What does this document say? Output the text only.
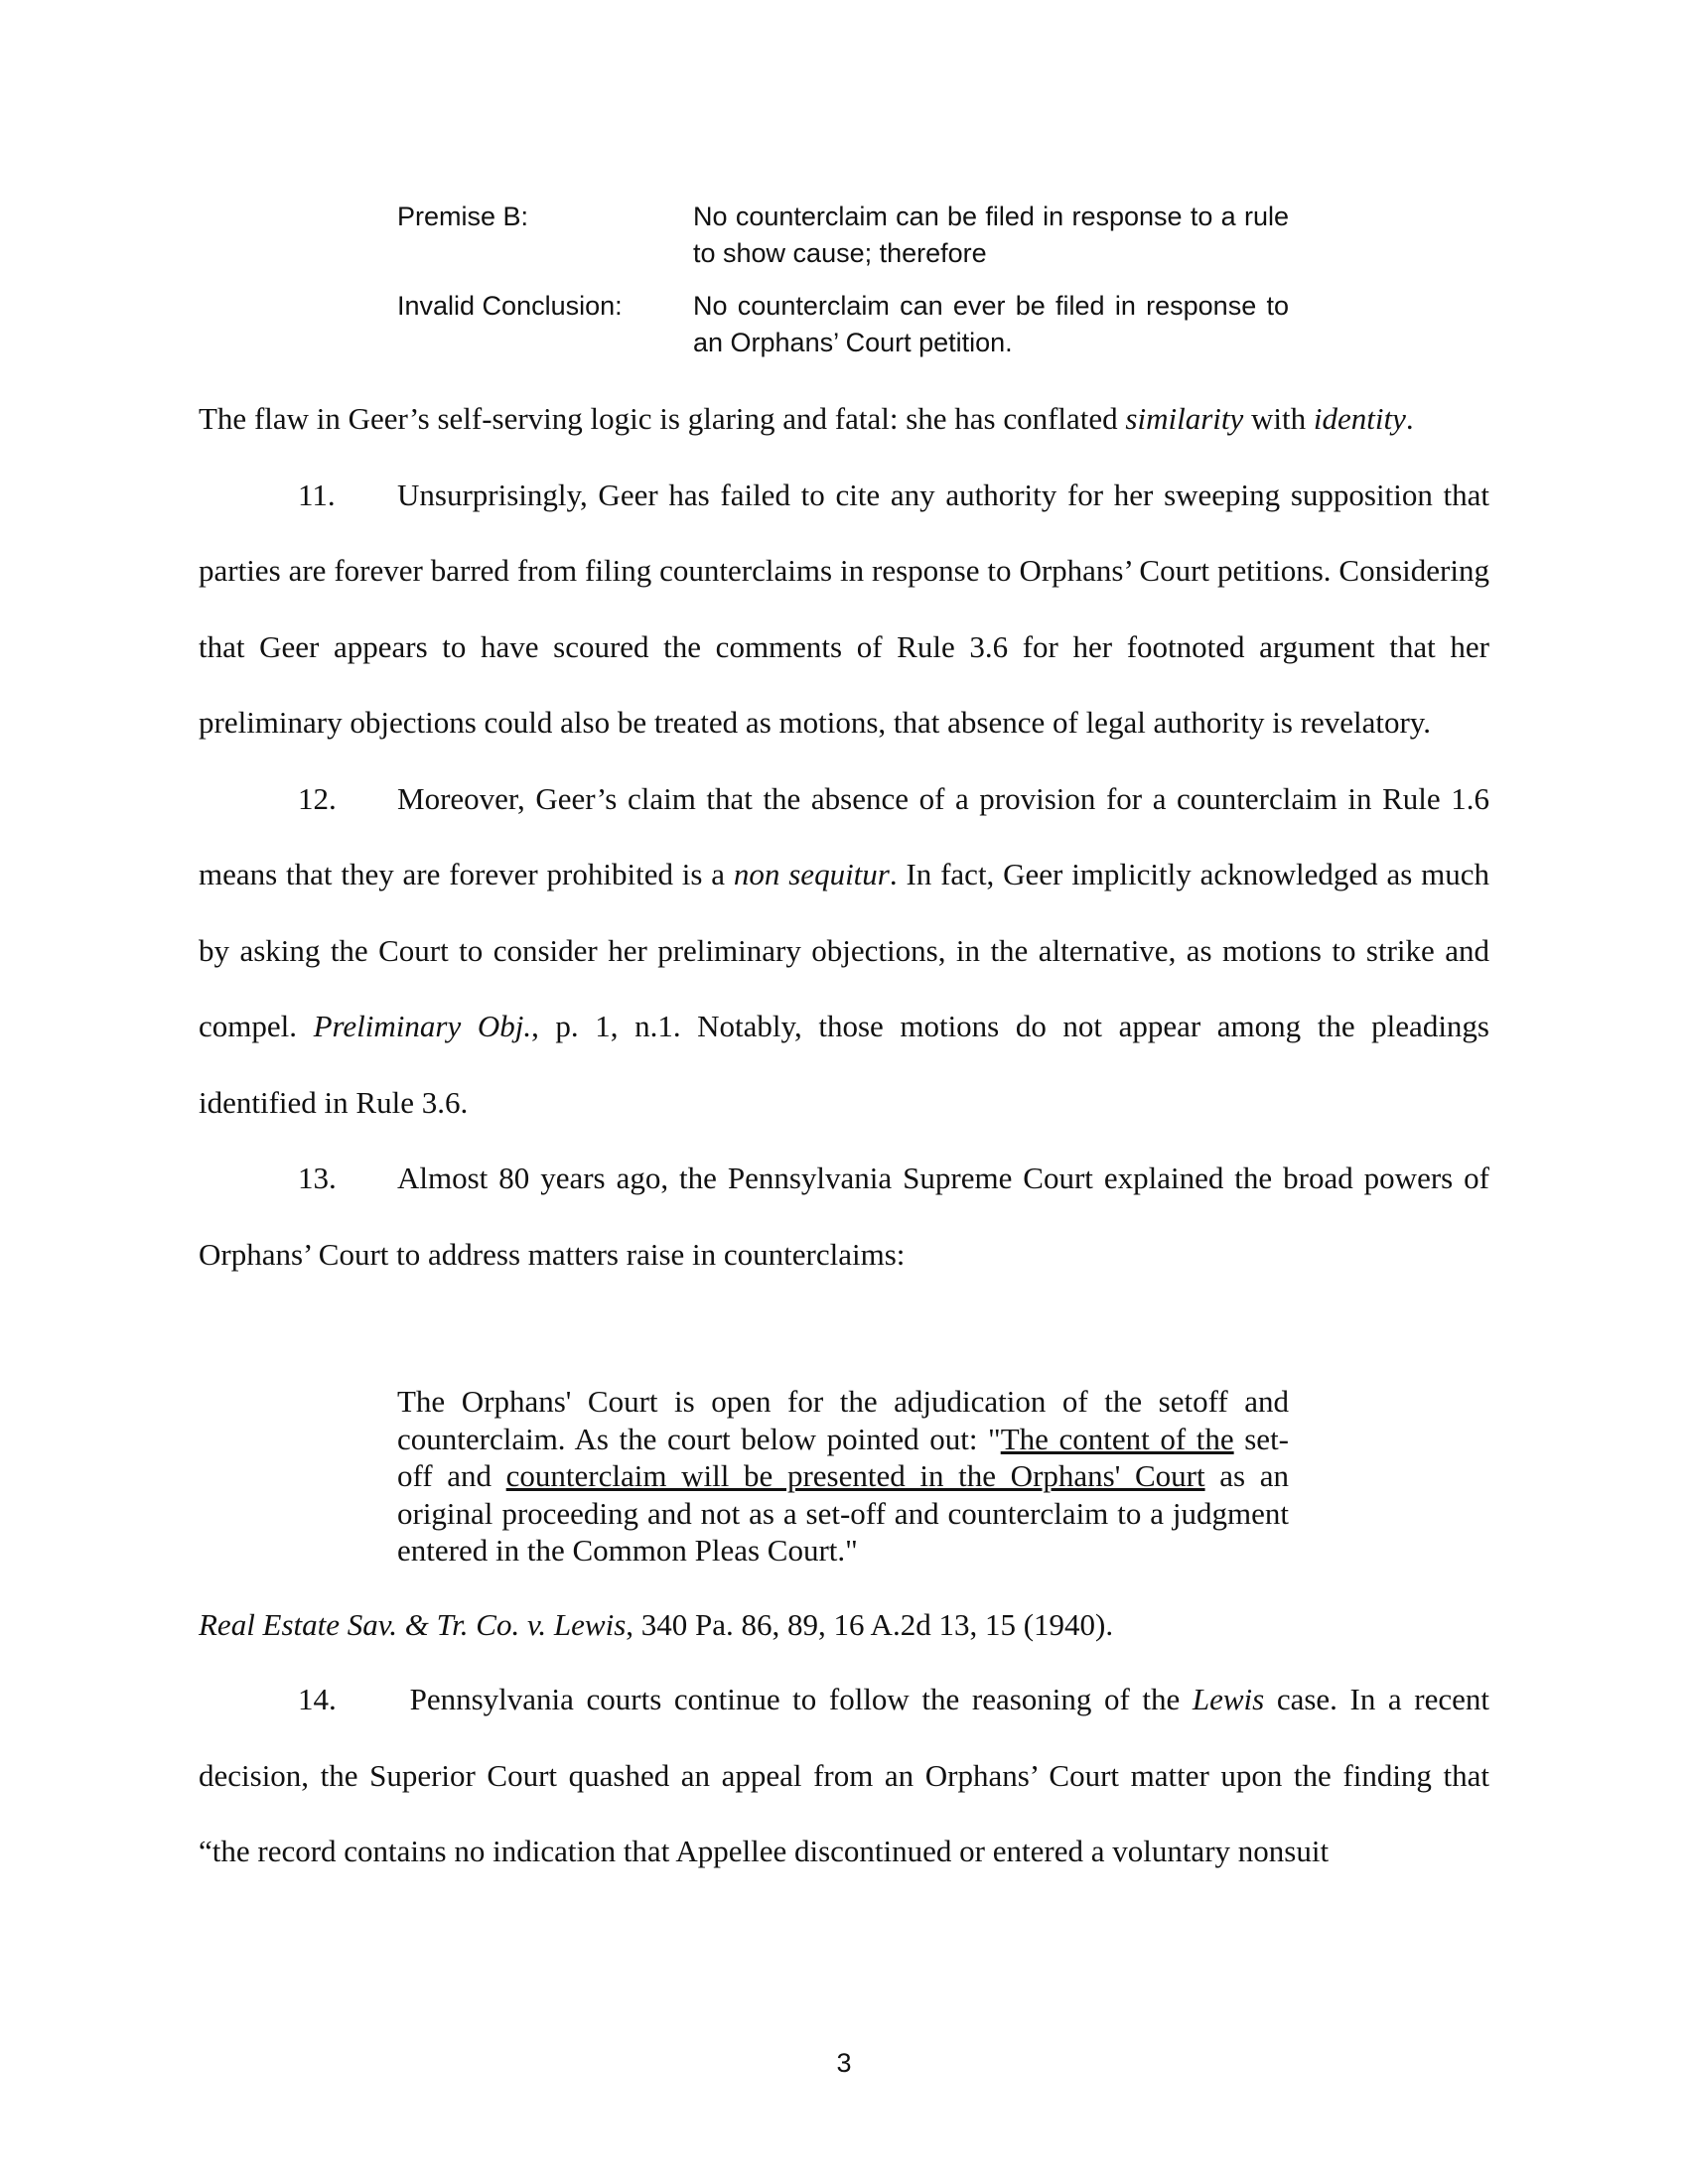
Premise B:	No counterclaim can be filed in response to a rule to show cause; therefore
Invalid Conclusion:	No counterclaim can ever be filed in response to an Orphans’ Court petition.

The flaw in Geer’s self-serving logic is glaring and fatal: she has conflated similarity with identity.

11. Unsurprisingly, Geer has failed to cite any authority for her sweeping supposition that parties are forever barred from filing counterclaims in response to Orphans’ Court petitions. Considering that Geer appears to have scoured the comments of Rule 3.6 for her footnoted argument that her preliminary objections could also be treated as motions, that absence of legal authority is revelatory.

12. Moreover, Geer’s claim that the absence of a provision for a counterclaim in Rule 1.6 means that they are forever prohibited is a non sequitur. In fact, Geer implicitly acknowledged as much by asking the Court to consider her preliminary objections, in the alternative, as motions to strike and compel. Preliminary Obj., p. 1, n.1. Notably, those motions do not appear among the pleadings identified in Rule 3.6.

13. Almost 80 years ago, the Pennsylvania Supreme Court explained the broad powers of Orphans’ Court to address matters raise in counterclaims:

The Orphans' Court is open for the adjudication of the setoff and counterclaim. As the court below pointed out: "The content of the set-off and counterclaim will be presented in the Orphans' Court as an original proceeding and not as a set-off and counterclaim to a judgment entered in the Common Pleas Court."
Real Estate Sav. & Tr. Co. v. Lewis, 340 Pa. 86, 89, 16 A.2d 13, 15 (1940).

14. Pennsylvania courts continue to follow the reasoning of the Lewis case. In a recent decision, the Superior Court quashed an appeal from an Orphans’ Court matter upon the finding that “the record contains no indication that Appellee discontinued or entered a voluntary nonsuit

3
